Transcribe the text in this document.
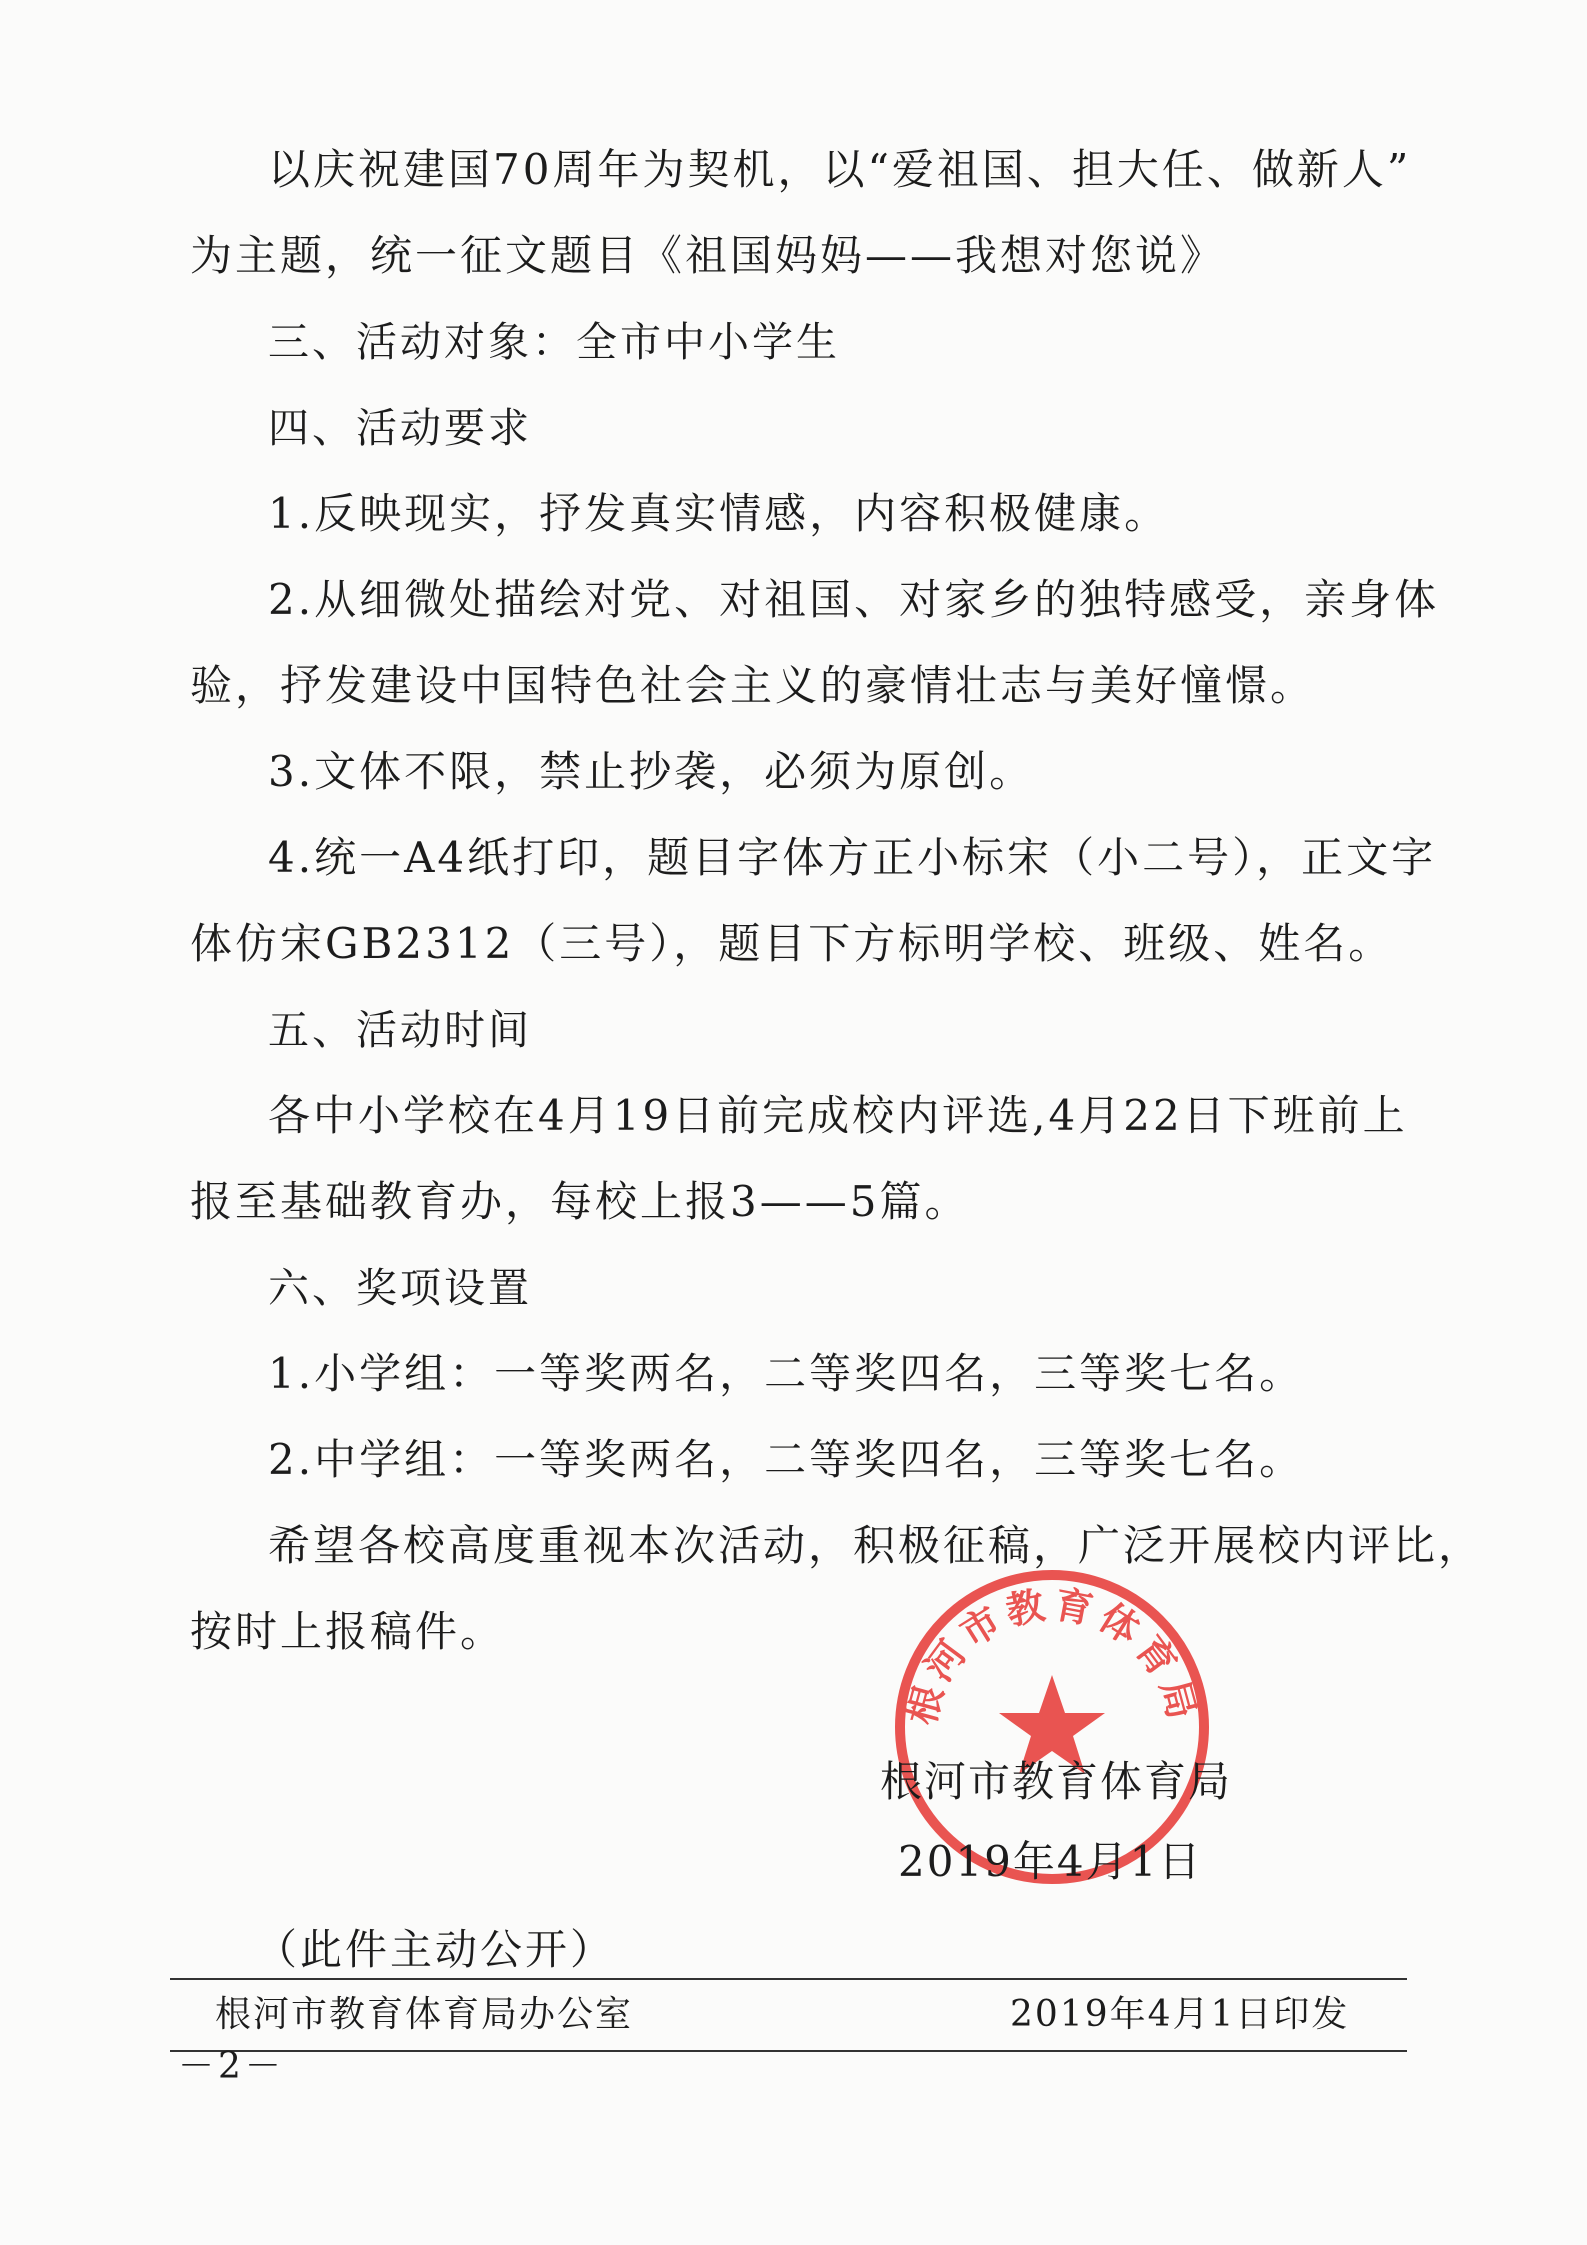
以庆祝建国70周年为契机，以“爱祖国、担大任、做新人”
为主题，统一征文题目《祖国妈妈——我想对您说》
三、活动对象：全市中小学生
四、活动要求
1.反映现实，抒发真实情感，内容积极健康。
2.从细微处描绘对党、对祖国、对家乡的独特感受，亲身体
验，抒发建设中国特色社会主义的豪情壮志与美好憧憬。
3.文体不限，禁止抄袭，必须为原创。
4.统一A4纸打印，题目字体方正小标宋（小二号），正文字
体仿宋GB2312（三号），题目下方标明学校、班级、姓名。
五、活动时间
各中小学校在4月19日前完成校内评选,4月22日下班前上
报至基础教育办，每校上报3——5篇。
六、奖项设置
1.小学组：一等奖两名，二等奖四名，三等奖七名。
2.中学组：一等奖两名，二等奖四名，三等奖七名。
希望各校高度重视本次活动，积极征稿，广泛开展校内评比，
按时上报稿件。
根河市教育体育局
根河市教育体育局
2019年4月1日
（此件主动公开）
根河市教育体育局办公室	2019年4月1日印发
－2－
